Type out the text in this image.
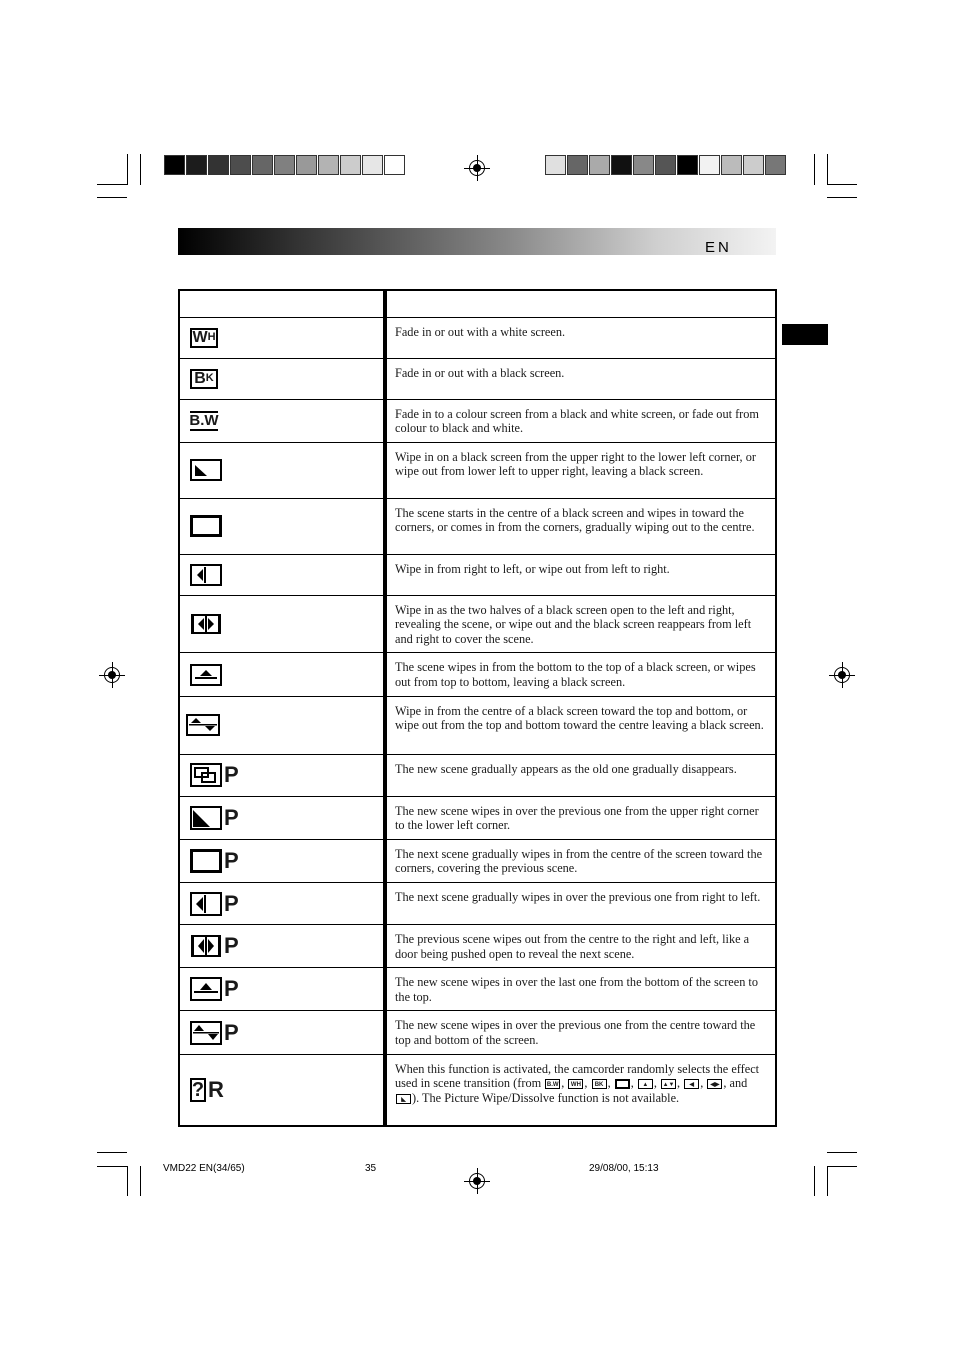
EN

W H	Fade in or out with a white screen.

B K	Fade in or out with a black screen.

B.W	Fade in to a colour screen from a black and white screen, or fade out from colour to black and white.

	Wipe in on a black screen from the upper right to the lower left corner, or wipe out from lower left to upper right, leaving a black screen.

	The scene starts in the centre of a black screen and wipes in toward the corners, or comes in from the corners, gradually wiping out to the centre.

	Wipe in from right to left, or wipe out from left to right.

	Wipe in as the two halves of a black screen open to the left and right, revealing the scene, or wipe out and the black screen reappears from left and right to cover the scene.

	The scene wipes in from the bottom to the top of a black screen, or wipes out from top to bottom, leaving a black screen.

	Wipe in from the centre of a black screen toward the top and bottom, or wipe out from the top and bottom toward the centre leaving a black screen.

P	The new scene gradually appears as the old one gradually disappears.

P	The new scene wipes in over the previous one from the upper right corner to the lower left corner.

P	The next scene gradually wipes in from the centre of the screen toward the corners, covering the previous scene.

P	The next scene gradually wipes in over the previous one from right to left.

P	The previous scene wipes out from the centre to the right and left, like a door being pushed open to reveal the next scene.

P	The new scene wipes in over the last one from the bottom of the screen to the top.

P	The new scene wipes in over the previous one from the centre toward the top and bottom of the screen.

? R	When this function is activated, the camcorder randomly selects the effect used in scene transition (from B.W , WH , BK , , ▲ , ▲▼ , ◀ , ◀▶ , and ◣ ). The Picture Wipe/Dissolve function is not available.
VMD22 EN(34/65)	35	29/08/00, 15:13
